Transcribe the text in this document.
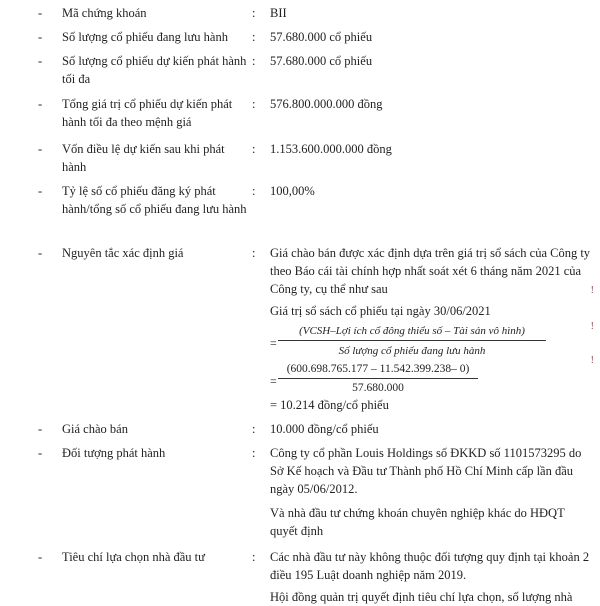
- Mã chứng khoán	: BII
- Số lượng cổ phiếu đang lưu hành	: 57.680.000 cổ phiếu
- Số lượng cổ phiếu dự kiến phát hành tối đa
: 57.680.000 cổ phiếu
- Tổng giá trị cổ phiếu dự kiến phát hành tối đa theo mệnh giá
: 576.800.000.000 đồng
- Vốn điều lệ dự kiến sau khi phát hành
: 1.153.600.000.000 đồng
- Tỷ lệ số cổ phiếu đăng ký phát hành/tổng số cổ phiếu đang lưu hành
: 100,00%
- Nguyên tắc xác định giá	: Giá chào bán được xác định dựa trên giá trị sổ sách của Công ty theo Báo cái tài chính hợp nhất soát xét 6 tháng năm 2021 của Công ty, cụ thể như sau
Giá trị sổ sách cổ phiếu tại ngày 30/06/2021
=
(VCSH–Lợi ích cổ đông thiểu số – Tài sản vô hình)
Số lượng cổ phiếu đang lưu hành
= $\frac{(600.698.765.177 - 11.542.399.238- 0)}{57.680.000}$
= 10.214 đồng/cổ phiếu
- Giá chào bán	: 10.000 đồng/cổ phiếu
- Đối tượng phát hành	: Công ty cổ phần Louis Holdings số ĐKKD số 1101573295 do Sở Kế hoạch và Đầu tư Thành phố Hồ Chí Minh cấp lần đầu ngày 05/06/2012.
Và nhà đầu tư chứng khoán chuyên nghiệp khác do HĐQT quyết định
- Tiêu chí lựa chọn nhà đầu tư	: Các nhà đầu tư này không thuộc đối tượng quy định tại khoản 2 điều 195 Luật doanh nghiệp năm 2019.
Hội đồng quản trị quyết định tiêu chí lựa chọn, số lượng nhà
!
!
!
